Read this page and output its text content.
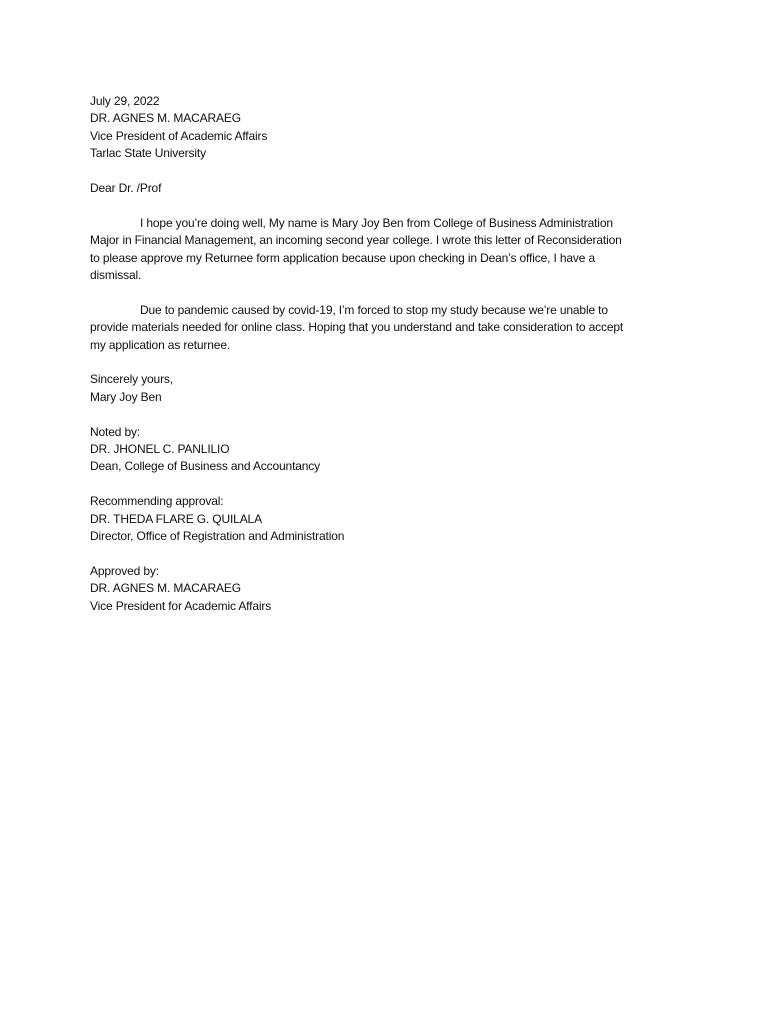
July 29, 2022
DR. AGNES M. MACARAEG
Vice President of Academic Affairs
Tarlac State University
Dear Dr. /Prof
I hope you’re doing well, My name is Mary Joy Ben from College of Business Administration
Major in Financial Management, an incoming second year college. I wrote this letter of Reconsideration
to please approve my Returnee form application because upon checking in Dean’s office, I have a
dismissal.
Due to pandemic caused by covid-19, I’m forced to stop my study because we’re unable to
provide materials needed for online class. Hoping that you understand and take consideration to accept
my application as returnee.
Sincerely yours,
Mary Joy Ben
Noted by:
DR. JHONEL C. PANLILIO
Dean, College of Business and Accountancy
Recommending approval:
DR. THEDA FLARE G. QUILALA
Director, Office of Registration and Administration
Approved by:
DR. AGNES M. MACARAEG
Vice President for Academic Affairs
